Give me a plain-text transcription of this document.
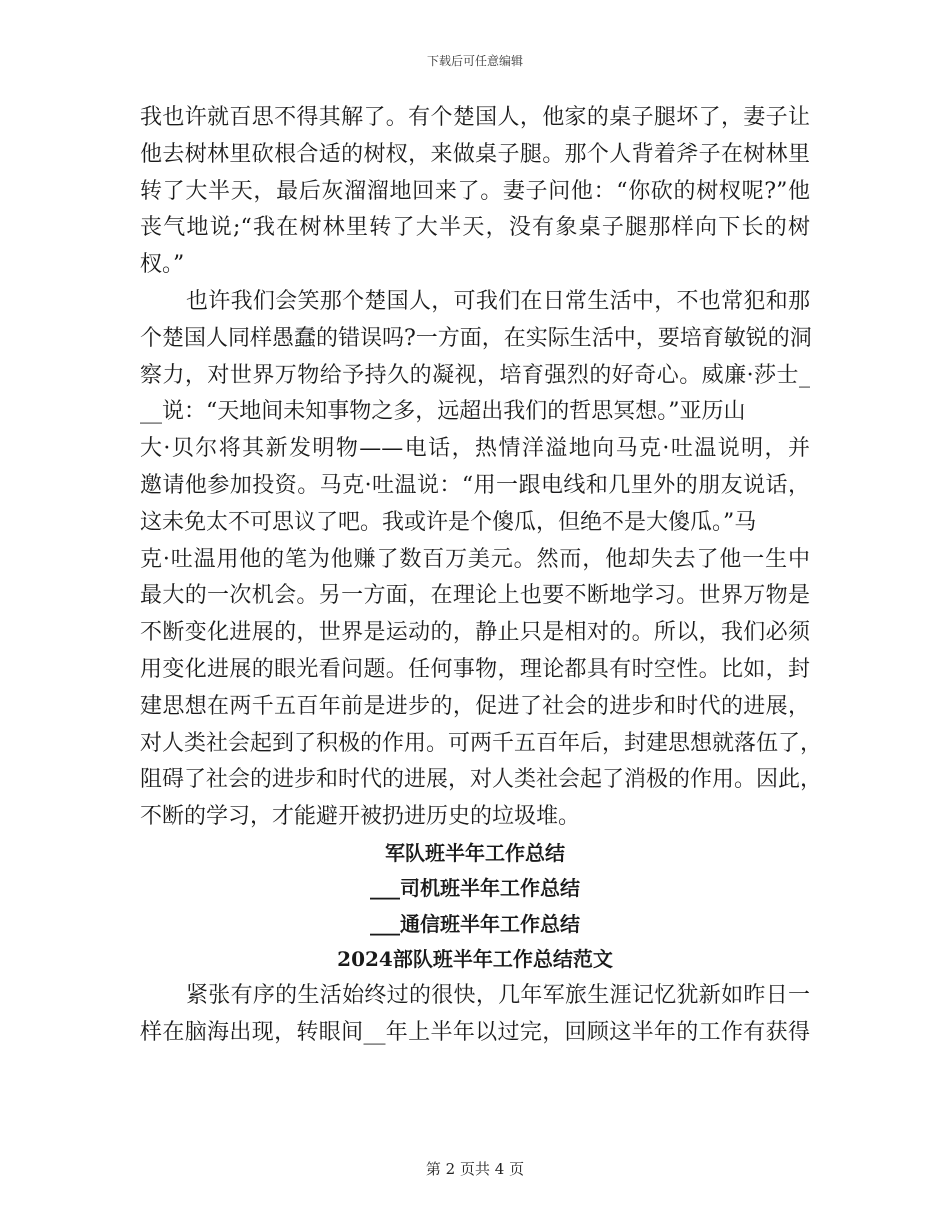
下载后可任意编辑
我也许就百思不得其解了。有个楚国人，他家的桌子腿坏了，妻子让
他去树林里砍根合适的树杈，来做桌子腿。那个人背着斧子在树林里
转了大半天，最后灰溜溜地回来了。妻子问他：“你砍的树杈呢?”他
丧气地说;“我在树林里转了大半天，没有象桌子腿那样向下长的树
杈。”
也许我们会笑那个楚国人，可我们在日常生活中，不也常犯和那
个楚国人同样愚蠢的错误吗?一方面，在实际生活中，要培育敏锐的洞
察力，对世界万物给予持久的凝视，培育强烈的好奇心。威廉·莎士_
__说：“天地间未知事物之多，远超出我们的哲思冥想。”亚历山
大·贝尔将其新发明物——电话，热情洋溢地向马克·吐温说明，并
邀请他参加投资。马克·吐温说：“用一跟电线和几里外的朋友说话，
这未免太不可思议了吧。我或许是个傻瓜，但绝不是大傻瓜。”马
克·吐温用他的笔为他赚了数百万美元。然而，他却失去了他一生中
最大的一次机会。另一方面，在理论上也要不断地学习。世界万物是
不断变化进展的，世界是运动的，静止只是相对的。所以，我们必须
用变化进展的眼光看问题。任何事物，理论都具有时空性。比如，封
建思想在两千五百年前是进步的，促进了社会的进步和时代的进展，
对人类社会起到了积极的作用。可两千五百年后，封建思想就落伍了，
阻碍了社会的进步和时代的进展，对人类社会起了消极的作用。因此，
不断的学习，才能避开被扔进历史的垃圾堆。
军队班半年工作总结
___司机班半年工作总结
___通信班半年工作总结
2024部队班半年工作总结范文
紧张有序的生活始终过的很快，几年军旅生涯记忆犹新如昨日一
样在脑海出现，转眼间__年上半年以过完，回顾这半年的工作有获得
第 2 页共 4 页
